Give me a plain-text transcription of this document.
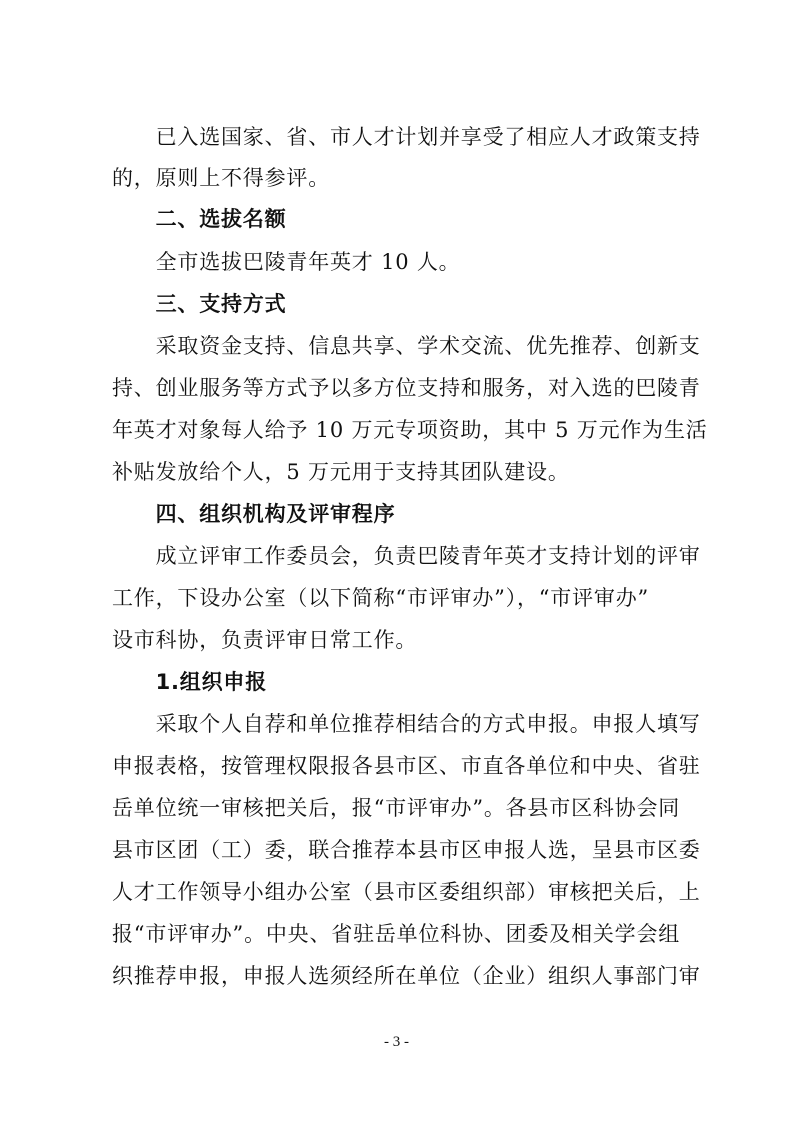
　　已入选国家、省、市人才计划并享受了相应人才政策支持
的，原则上不得参评。
　　二、选拔名额
　　全市选拔巴陵青年英才 10 人。
　　三、支持方式
　　采取资金支持、信息共享、学术交流、优先推荐、创新支
持、创业服务等方式予以多方位支持和服务，对入选的巴陵青
年英才对象每人给予 10 万元专项资助，其中 5 万元作为生活
补贴发放给个人，5 万元用于支持其团队建设。
　　四、组织机构及评审程序
　　成立评审工作委员会，负责巴陵青年英才支持计划的评审
工作，下设办公室（以下简称“市评审办”），“市评审办”
设市科协，负责评审日常工作。
　　1.组织申报
　　采取个人自荐和单位推荐相结合的方式申报。申报人填写
申报表格，按管理权限报各县市区、市直各单位和中央、省驻
岳单位统一审核把关后，报“市评审办”。各县市区科协会同
县市区团（工）委，联合推荐本县市区申报人选，呈县市区委
人才工作领导小组办公室（县市区委组织部）审核把关后，上
报“市评审办”。中央、省驻岳单位科协、团委及相关学会组
织推荐申报，申报人选须经所在单位（企业）组织人事部门审
- 3 -
